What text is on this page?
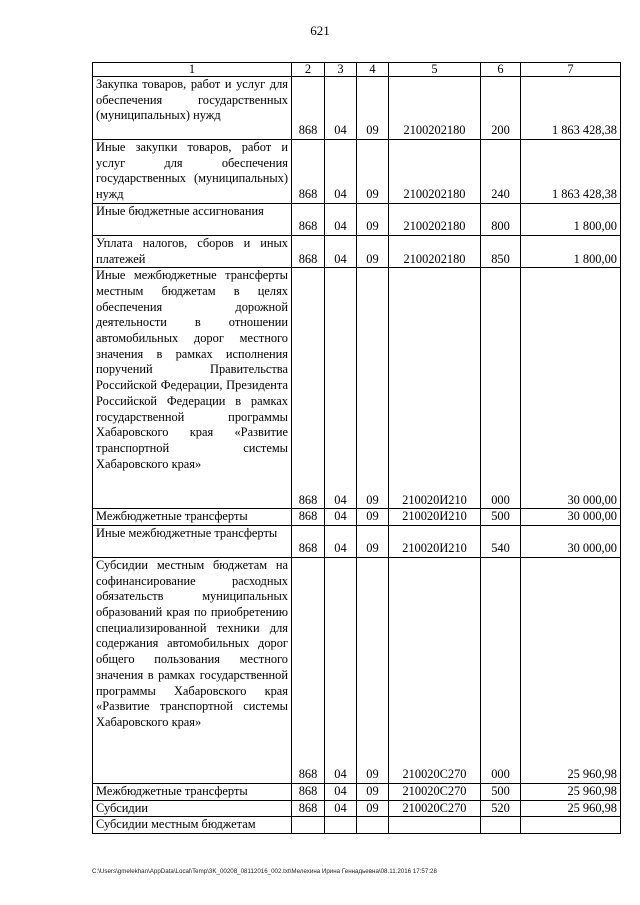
621
1	2	3	4	5	6	7
Закупка товаров, работ и услуг для обеспечения государственных (муниципальных) нужд	868	04	09	2100202180	200	1 863 428,38
Иные закупки товаров, работ и услуг для обеспечения государственных (муниципальных) нужд	868	04	09	2100202180	240	1 863 428,38
Иные бюджетные ассигнования	868	04	09	2100202180	800	1 800,00
Уплата налогов, сборов и иных платежей	868	04	09	2100202180	850	1 800,00
Иные межбюджетные трансферты местным бюджетам в целях обеспечения дорожной деятельности в отношении автомобильных дорог местного значения в рамках исполнения поручений Правительства Российской Федерации, Президента Российской Федерации в рамках государственной программы Хабаровского края «Развитие транспортной системы Хабаровского края»	868	04	09	210020И210	000	30 000,00
Межбюджетные трансферты	868	04	09	210020И210	500	30 000,00
Иные межбюджетные трансферты	868	04	09	210020И210	540	30 000,00
Субсидии местным бюджетам на софинансирование расходных обязательств муниципальных образований края по приобретению специализированной техники для содержания автомобильных дорог общего пользования местного значения в рамках государственной программы Хабаровского края «Развитие транспортной системы Хабаровского края»	868	04	09	210020С270	000	25 960,98
Межбюджетные трансферты	868	04	09	210020С270	500	25 960,98
Субсидии	868	04	09	210020С270	520	25 960,98
Субсидии местным бюджетам						
C:\Users\gmelekhan\AppData\Local\Temp\3K_00208_08112016_002.txt\Мелехина Ирина Геннадьевна\08.11.2016 17:57:28
